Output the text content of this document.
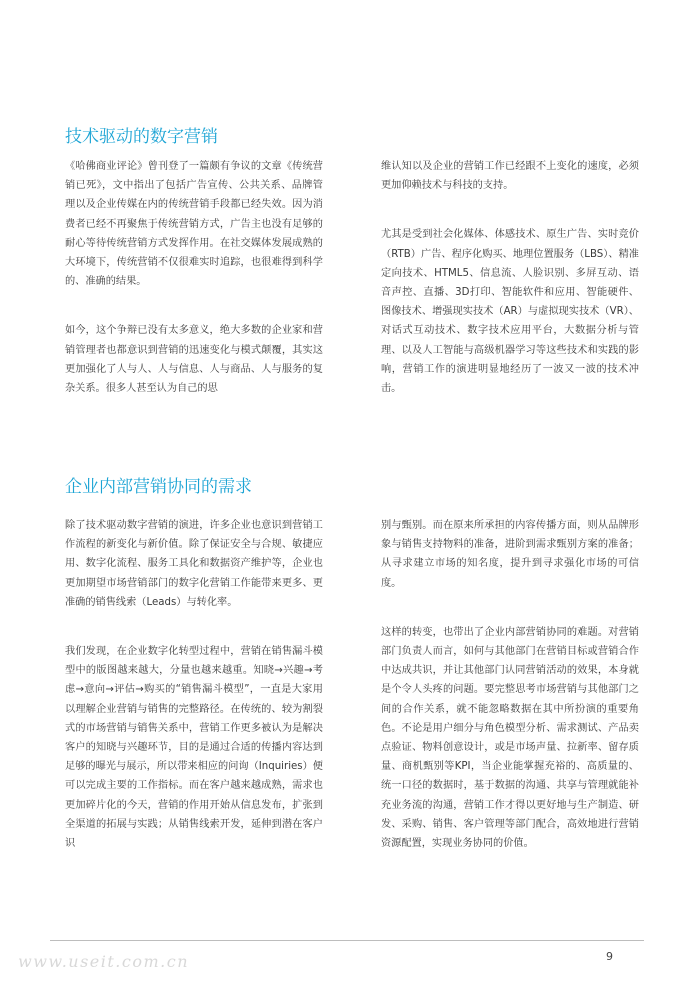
技术驱动的数字营销

《哈佛商业评论》曾刊登了一篇颇有争议的文章《传统营销已死》，文中指出了包括广告宣传、公共关系、品牌管理以及企业传媒在内的传统营销手段都已经失效。因为消费者已经不再聚焦于传统营销方式，广告主也没有足够的耐心等待传统营销方式发挥作用。在社交媒体发展成熟的大环境下，传统营销不仅很难实时追踪，也很难得到科学的、准确的结果。

如今，这个争辩已没有太多意义，绝大多数的企业家和营销管理者也都意识到营销的迅速变化与模式颠覆，其实这更加强化了人与人、人与信息、人与商品、人与服务的复杂关系。很多人甚至认为自己的思

维认知以及企业的营销工作已经跟不上变化的速度，必须更加仰赖技术与科技的支持。

尤其是受到社会化媒体、体感技术、原生广告、实时竞价（RTB）广告、程序化购买、地理位置服务（LBS）、精准定向技术、HTML5、信息流、人脸识别、多屏互动、语音声控、直播、3D打印、智能软件和应用、智能硬件、图像技术、增强现实技术（AR）与虚拟现实技术（VR）、对话式互动技术、数字技术应用平台，大数据分析与管理、以及人工智能与高级机器学习等这些技术和实践的影响，营销工作的演进明显地经历了一波又一波的技术冲击。

企业内部营销协同的需求

除了技术驱动数字营销的演进，许多企业也意识到营销工作流程的新变化与新价值。除了保证安全与合规、敏捷应用、数字化流程、服务工具化和数据资产维护等，企业也更加期望市场营销部门的数字化营销工作能带来更多、更准确的销售线索（Leads）与转化率。

我们发现，在企业数字化转型过程中，营销在销售漏斗模型中的版图越来越大，分量也越来越重。知晓→兴趣→考虑→意向→评估→购买的“销售漏斗模型”，一直是大家用以理解企业营销与销售的完整路径。在传统的、较为割裂式的市场营销与销售关系中，营销工作更多被认为是解决客户的知晓与兴趣环节，目的是通过合适的传播内容达到足够的曝光与展示，所以带来相应的问询（Inquiries）便可以完成主要的工作指标。而在客户越来越成熟，需求也更加碎片化的今天，营销的作用开始从信息发布，扩张到全渠道的拓展与实践；从销售线索开发，延伸到潜在客户识

别与甄别。而在原来所承担的内容传播方面，则从品牌形象与销售支持物料的准备，进阶到需求甄别方案的准备；从寻求建立市场的知名度，提升到寻求强化市场的可信度。

这样的转变，也带出了企业内部营销协同的难题。对营销部门负责人而言，如何与其他部门在营销目标或营销合作中达成共识，并让其他部门认同营销活动的效果，本身就是个令人头疼的问题。要完整思考市场营销与其他部门之间的合作关系，就不能忽略数据在其中所扮演的重要角色。不论是用户细分与角色模型分析、需求测试、产品卖点验证、物料创意设计，或是市场声量、拉新率、留存质量、商机甄别等KPI，当企业能掌握充裕的、高质量的、统一口径的数据时，基于数据的沟通、共享与管理就能补充业务流的沟通，营销工作才得以更好地与生产制造、研发、采购、销售、客户管理等部门配合，高效地进行营销资源配置，实现业务协同的价值。

www.useit.com.cn	9
